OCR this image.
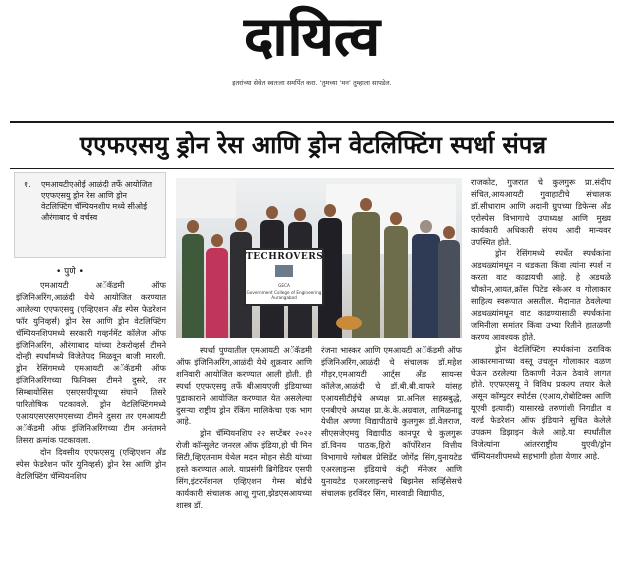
दायित्व
इतरांच्या सेवेत स्वतःला समर्पित करा. ‘तुमच्या ‘मन’ तुम्हाला सापडेल.
एएफएसयु ड्रोन रेस आणि ड्रोन वेटलिफ्टिंग स्पर्धा संपन्न
१. एमआयटीएओई आळंदी तर्फे आयोजित एएफएसयु ड्रोन रेस आणि ड्रोन वेटलिफ्टिंग चॅम्पियनशीप मध्ये सीओई औरंगाबाद चे वर्चस्व
• पुणे •
TECHROVERS
GECA
Government College of Engineering Aurangabad

एमआयटी अॅकॅडमी ऑफ इंजिनिअरिंग,आळंदी येथे आयोजित करण्यात आलेल्या एएफएसयु (एव्हिएशन अँड स्पेस फेडरेशन फॉर युनिव्हर्स) ड्रोन रेस आणि ड्रोन वेटलिफ्टिंग चॅम्पियनशिपमध्ये सरकारी गव्हर्नमेंट कॉलेज ऑफ इंजिनिअरिंग, औरंगाबाद यांच्या टेकरोव्हर्स टीमने दोन्ही स्पर्धांमध्ये विजेतेपद मिळवून बाजी मारली. ड्रोन रेसिंगमध्ये एमआयटी अॅकॅडमी ऑफ इंजिनिअरिंगच्या फिनिक्स टीमने दुसरे, तर सिम्बायोसिस एसएसपीयूच्या संघाने तिसरे पारितोषिक पटकावले. ड्रोन वेटलिफ्टिंगमध्ये एआयएसएसएमएसच्या टीमने दुसरा तर एमआयटी अॅकॅडमी ऑफ इंजिनिअरिंगच्या टीम अनंतमने तिसरा क्रमांक पटकावला.

दोन दिवसीय एएफएसयु (एव्हिएशन अँड स्पेस फेडरेशन फॉर युनिव्हर्स) ड्रोन रेस आणि ड्रोन वेटलिफ्टिंग चॅम्पियनशिप

स्पर्धा पुण्यातील एमआयटी अॅकॅडमी ऑफ इंजिनिअरिंग,आळंदी येथे शुक्रवार आणि शनिवारी आयोजित करण्यात आली होती. ही स्पर्धा एएफएसयु तर्फे बीआयएजी इंडियाच्या पुढाकाराने आयोजित करण्यात येत असलेल्या दुसऱ्या राष्ट्रीय ड्रोन रॅकिंग मालिकेचा एक भाग आहे.

ड्रोन चॅम्पियनशिप २२ सप्टेंबर २०२२ रोजी कॉन्सुलेट जनरल ऑफ इंडिया,हो ची मिन सिटी,व्हिएतनाम येथेल मदन मोहन सेठी यांच्या हस्ते करण्यात आले. याप्रसंगी ब्रिगेडियर एसपी सिंग,इंटरनॅशनल एव्हिएशन गेम्स बोर्डचे कार्यकारी संचालक आशू गुप्ता,झेडएसआयच्या शास्त्र डॉ.

रंजना भास्कर आणि एमआयटी अॅकॅडमी ऑफ इंजिनिअरिंग,आळंदी चे संचालक डॉ.महेश गौड़र,एमआयटी आर्ट्स अँड सायन्स कॉलेज,आळंदी चे डॉ.बी.बी.वाफरे यांसह एआयसीटीईचे अध्यक्ष प्रा.अनिल सहस्रबुद्धे, एनबीएचे अध्यक्ष प्रा.के.के.अग्रवाल, तामिळनाडू येथील अण्णा विद्यापीठाचे कुलगुरू डॉ.वेलराज, सीएसजेएमयु विद्यापीठ कानपूर चे कुलगुरू डॉ.विनय पाठक,हिरो कॉर्पोरेशन वित्तीय विभागाचे ग्लोबल प्रेसिडेंट जोगेंद्र सिंग,युनायटेड एअरलाइन्स इंडियाचे कंट्री मॅनेजर आणि युनायटेड एअरलाइन्सचे बिझनेस सर्व्हिसेसचे संचालक हरविंदर सिंग, मारवाडी विद्यापीठ,

राजकोट, गुजरात चे कुलगुरू प्रा.संदीप संचित,आयआयटी गुवाहाटीचे संचालक डॉ.सीधाराम आणि अदानी ग्रुपच्या डिफेन्स अँड एरोस्पेस विभागाचे उपाध्यक्ष आणि मुख्य कार्यकारी अधिकारी संपथ आदी मान्यवर उपस्थित होते.

ड्रोन रेसिंगमध्ये स्पर्धेत स्पर्धकांना अडथळ्यांमधून न धडकता किंवा त्यांना स्पर्श न करता वाट काढायची आहे. हे अडथळे चौकोन,आयत,क्रॉस पिटेड स्केअर व गोलाकार साहित्य स्वरूपात असतील. मैदानात ठेवलेल्या अडथळ्यांमधून वाट काढण्यासाठी स्पर्धकांना जमिनीला समांतर किंवा उभ्या रितीने हातळणी करण्य आवश्यक होते.

ड्रोन वेटलिफ्टिंग स्पर्धकांना ठराविक आकारमानाच्या वस्तू उचलून गोलाकार वळण घेऊन ठरलेल्या ठिकाणी नेऊन ठेवावे लागत होते. एएफएसयू ने विविध प्रकल्प तयार केले असून कॉम्पुटर स्पोर्टस (एआय,रोबोटिक्स आणि यूएवी इत्यादी) यासारखे तरुणांशी निगडीत व वर्ल्ड फेडरेशन ऑफ इंडियाने सुचित केलेले उपक्रम डिझाइन केले आहे.या स्पर्धांतील विजेत्यांना आंतरराष्ट्रीय युएवी/ड्रोन चॅम्पियनशीपमध्ये सहभागी होता येणार आहे.
